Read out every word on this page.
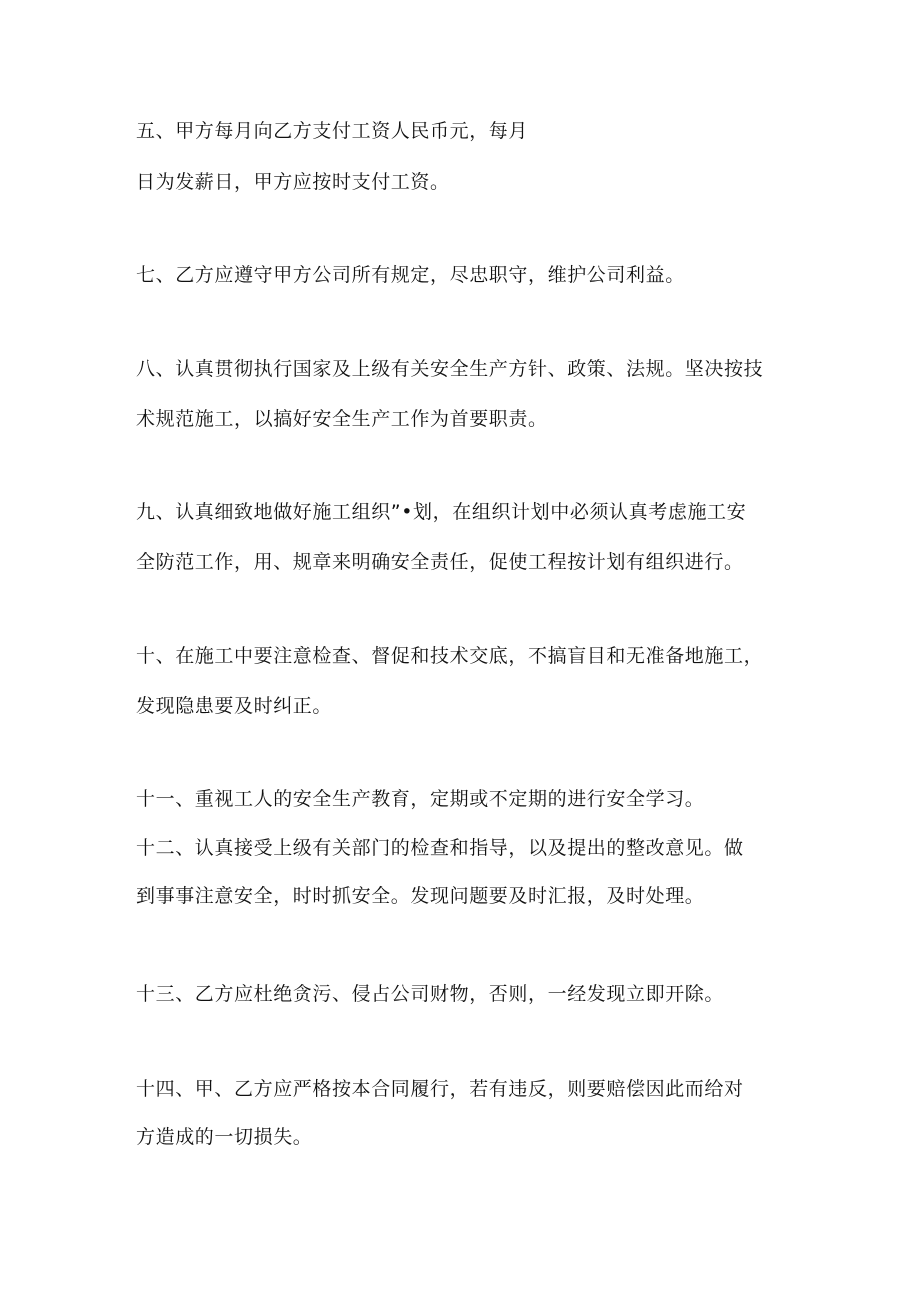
五、甲方每月向乙方支付工资人民币元，每月
日为发薪日，甲方应按时支付工资。
七、乙方应遵守甲方公司所有规定，尽忠职守，维护公司利益。
八、认真贯彻执行国家及上级有关安全生产方针、政策、法规。坚决按技
术规范施工，以搞好安全生产工作为首要职责。
九、认真细致地做好施工组织”•划，在组织计划中必须认真考虑施工安
全防范工作，用、规章来明确安全责任，促使工程按计划有组织进行。
十、在施工中要注意检查、督促和技术交底，不搞盲目和无准备地施工，
发现隐患要及时纠正。
十一、重视工人的安全生产教育，定期或不定期的进行安全学习。
十二、认真接受上级有关部门的检查和指导，以及提出的整改意见。做
到事事注意安全，时时抓安全。发现问题要及时汇报，及时处理。
十三、乙方应杜绝贪污、侵占公司财物，否则，一经发现立即开除。
十四、甲、乙方应严格按本合同履行，若有违反，则要赔偿因此而给对
方造成的一切损失。
